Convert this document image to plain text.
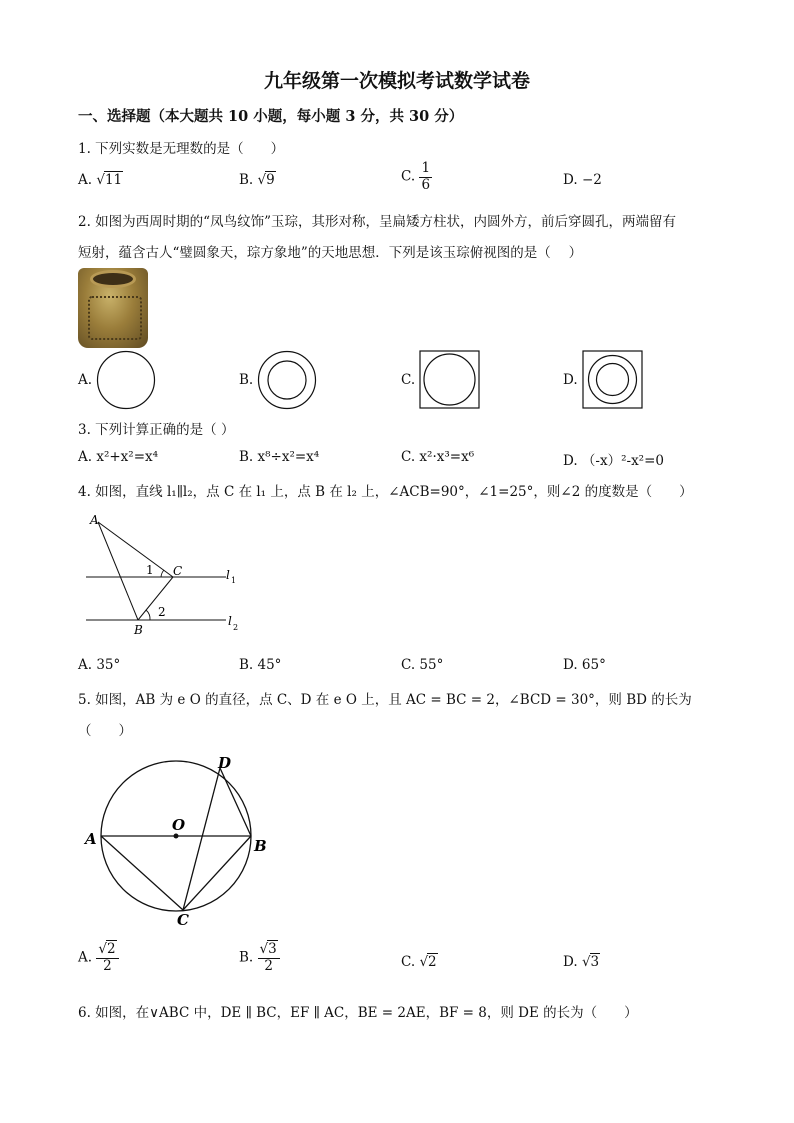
九年级第一次模拟考试数学试卷
一、选择题（本大题共 10 小题，每小题 3 分，共 30 分）
1. 下列实数是无理数的是（　　）
A. √11	B. √9	C. $\frac{1}{6}$	D. −2
2. 如图为西周时期的“凤鸟纹饰”玉琮，其形对称，呈扁矮方柱状，内圆外方，前后穿圆孔，两端留有
短射，蕴含古人“璧圆象天，琮方象地”的天地思想．下列是该玉琮俯视图的是（　 ）
A.	B.	C.	D.
3. 下列计算正确的是（ ）
A. x²+x²=x⁴	B. x⁸÷x²=x⁴	C. x²·x³=x⁶	D. （-x）²-x²=0
4. 如图，直线 l₁∥l₂，点 C 在 l₁ 上，点 B 在 l₂ 上，∠ACB=90°，∠1=25°，则∠2 的度数是（　　）
A
C
B
1
2
l 1
l 2
A. 35°	B. 45°	C. 55°	D. 65°
5. 如图，AB 为 e O 的直径，点 C、D 在 e O 上，且 AC = BC = 2，∠BCD = 30°，则 BD 的长为
（　　）
A	B
C
D
O
A. $\frac{√2}{2}$	B. $\frac{√3}{2}$	C. √2	D. √3
6. 如图，在∨ABC 中，DE ∥ BC，EF ∥ AC，BE = 2AE，BF = 8，则 DE 的长为（　　）
